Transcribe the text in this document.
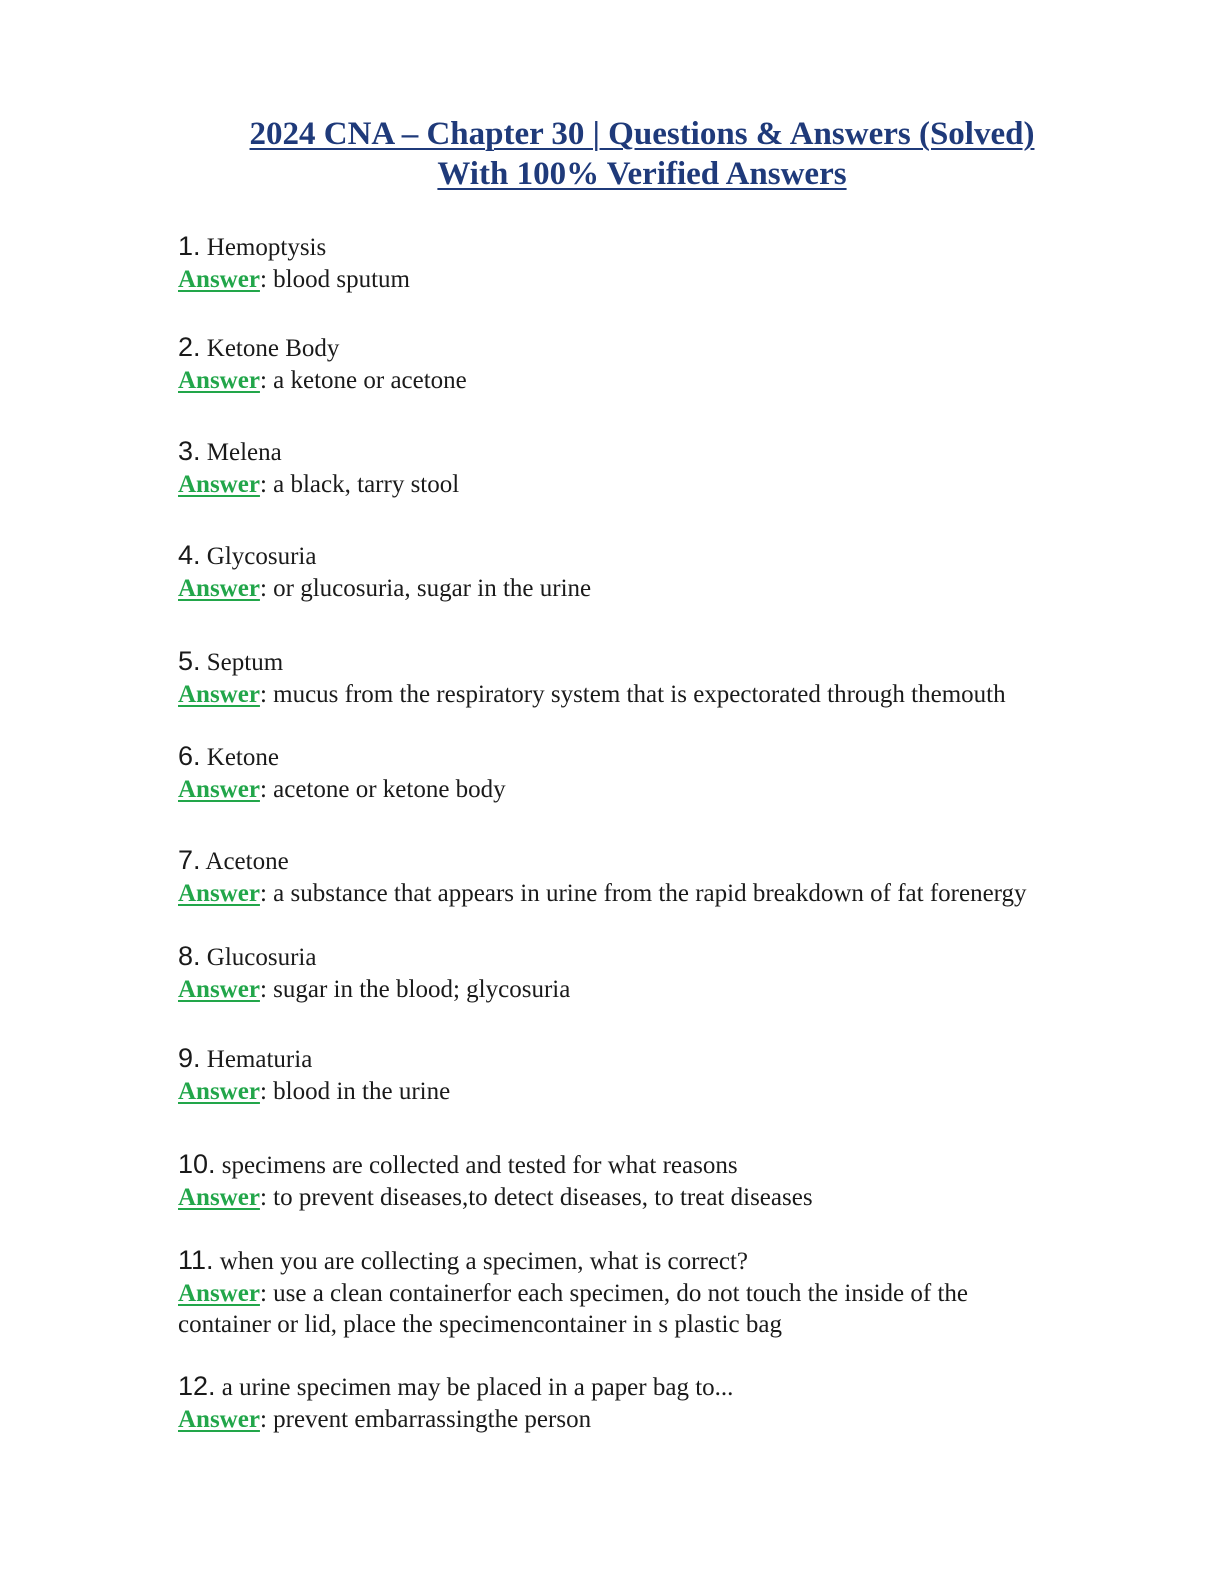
2024 CNA – Chapter 30 | Questions & Answers (Solved)
With 100% Verified Answers
1. Hemoptysis
Answer: blood sputum
2. Ketone Body
Answer: a ketone or acetone
3. Melena
Answer: a black, tarry stool
4. Glycosuria
Answer: or glucosuria, sugar in the urine
5. Septum
Answer: mucus from the respiratory system that is expectorated through themouth
6. Ketone
Answer: acetone or ketone body
7. Acetone
Answer: a substance that appears in urine from the rapid breakdown of fat forenergy
8. Glucosuria
Answer: sugar in the blood; glycosuria
9. Hematuria
Answer: blood in the urine
10. specimens are collected and tested for what reasons
Answer: to prevent diseases,to detect diseases, to treat diseases
11. when you are collecting a specimen, what is correct?
Answer: use a clean containerfor each specimen, do not touch the inside of the container or lid, place the specimencontainer in s plastic bag
12. a urine specimen may be placed in a paper bag to...
Answer: prevent embarrassingthe person
